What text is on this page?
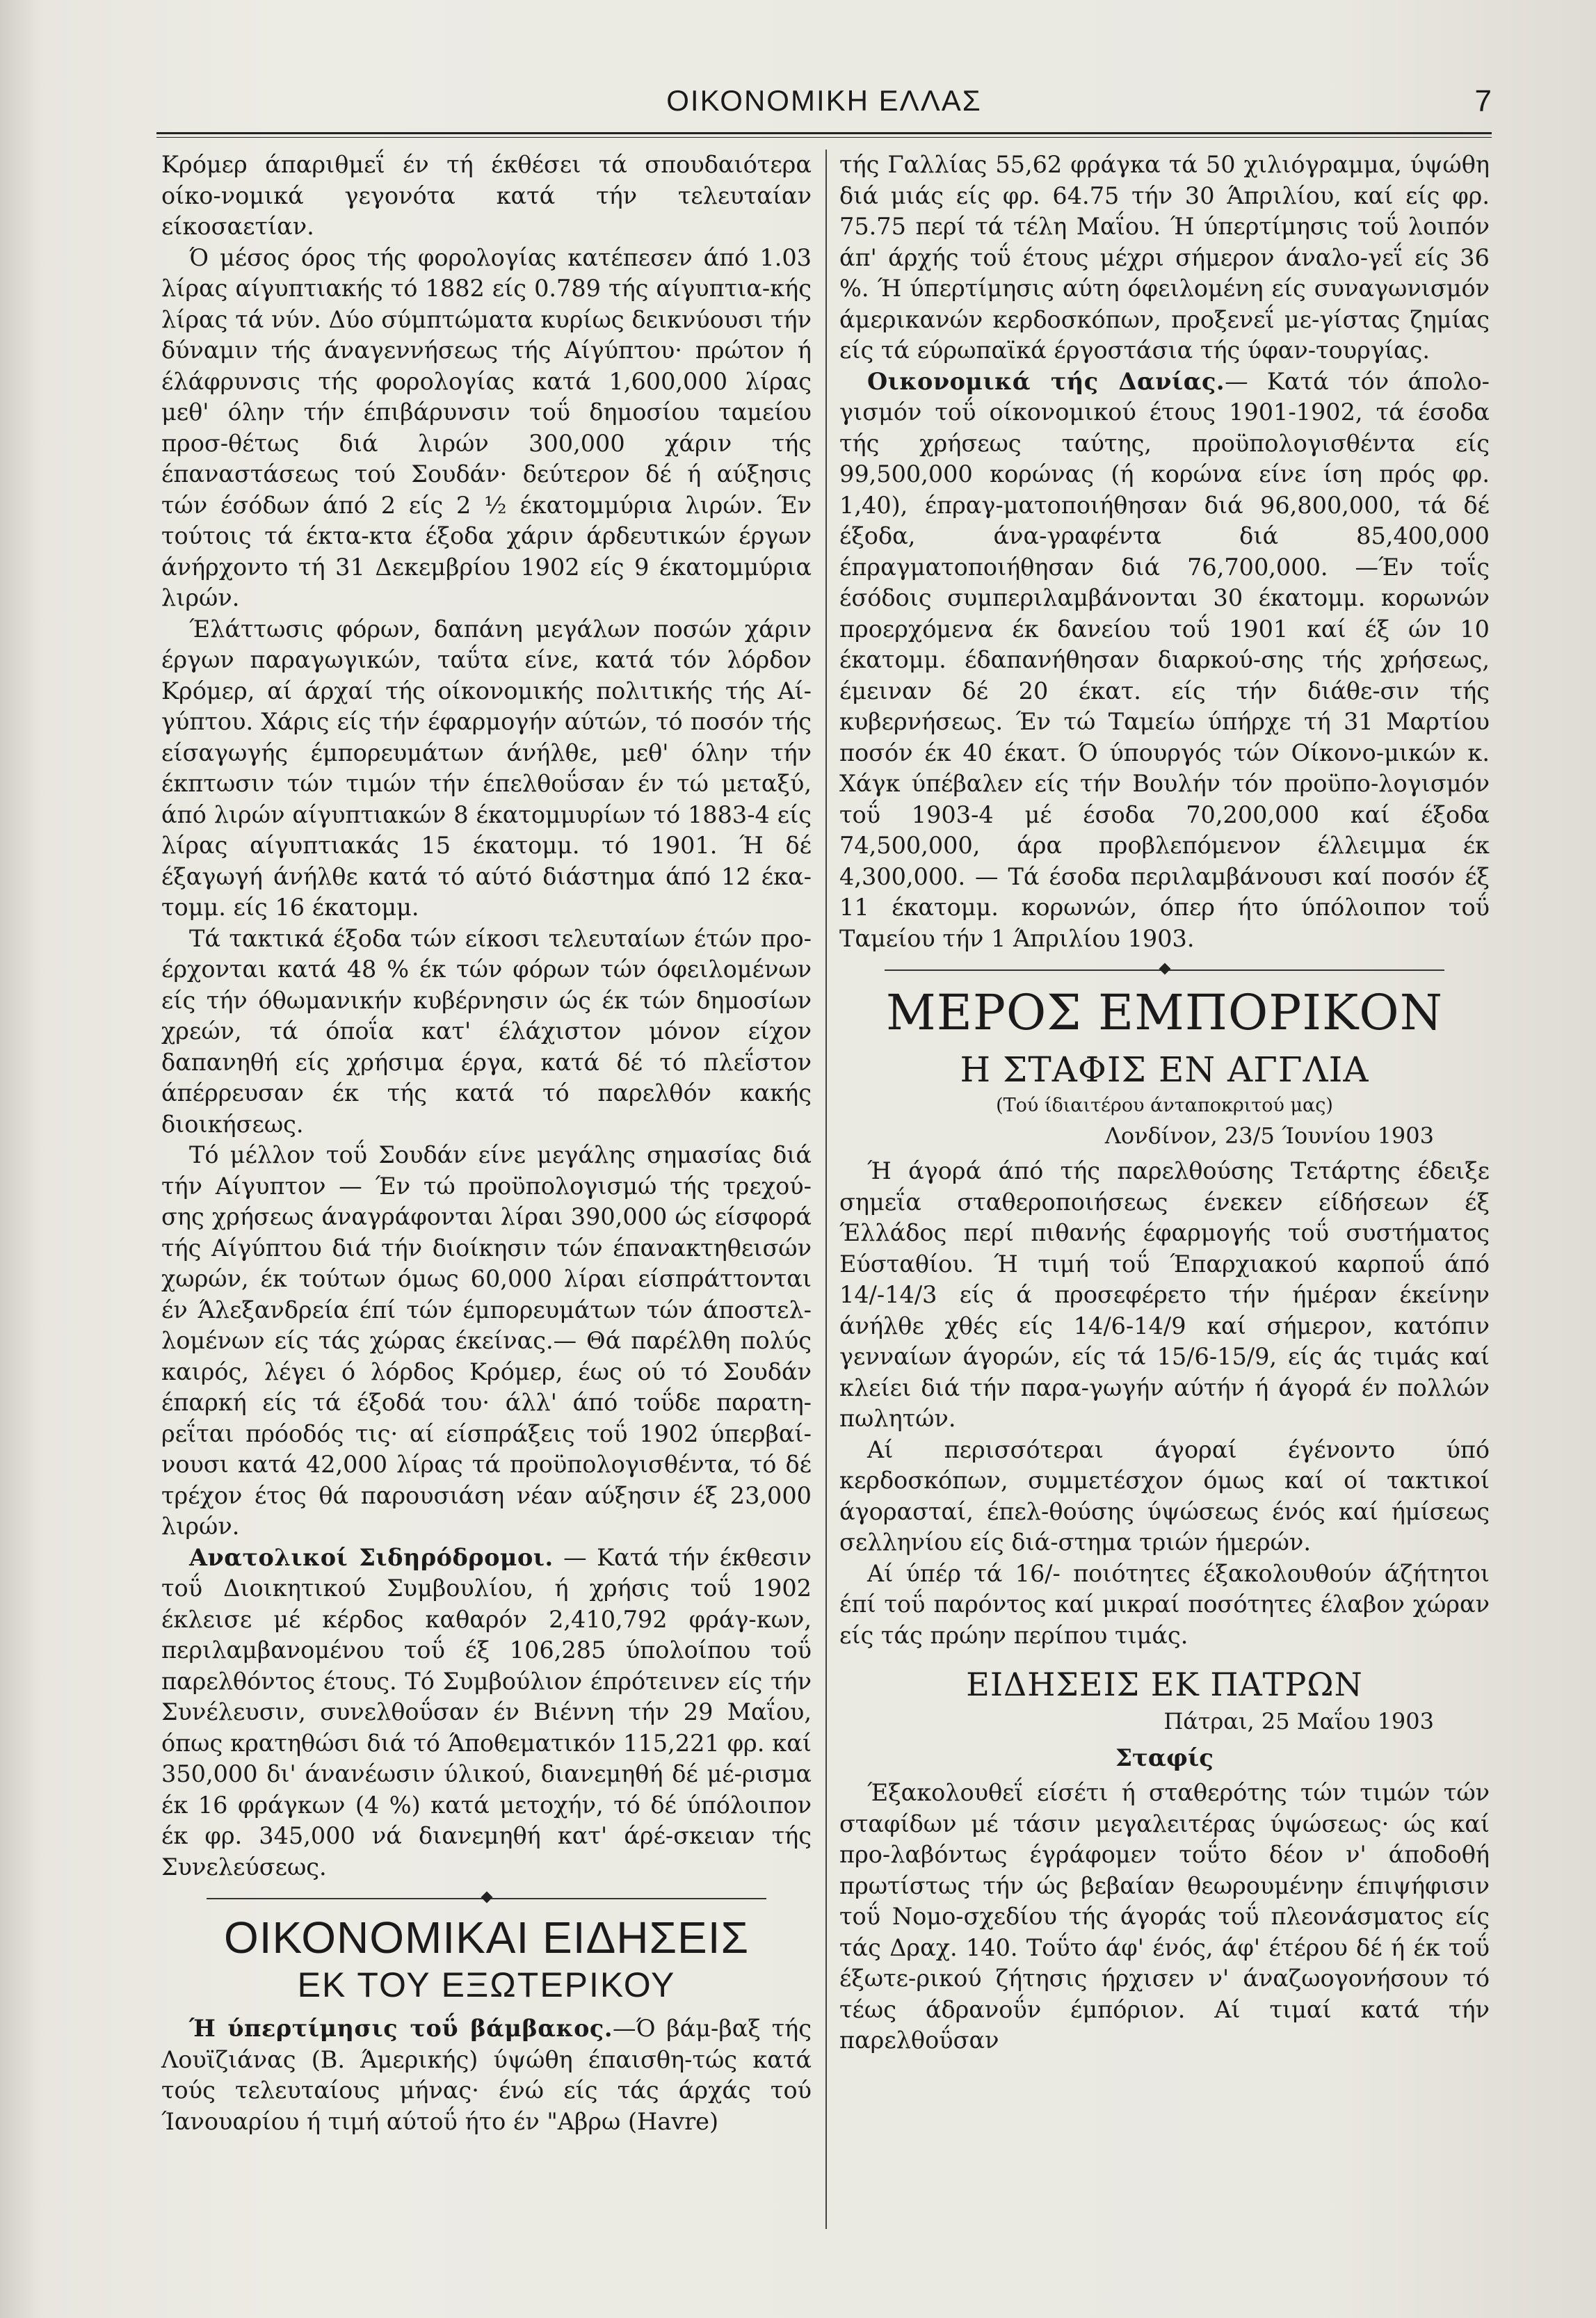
ΟΙΚΟΝΟΜΙΚΗ ΕΛΛΑΣ	7

Κρόμερ άπαριθμεΐ έν τή έκθέσει τά σπουδαιότερα οίκο-νομικά γεγονότα κατά τήν τελευταίαν είκοσαετίαν.

Ό μέσος όρος τής φορολογίας κατέπεσεν άπό 1.03 λίρας αίγυπτιακής τό 1882 είς 0.789 τής αίγυπτια-κής λίρας τά νύν. Δύο σύμπτώματα κυρίως δεικνύουσι τήν δύναμιν τής άναγεννήσεως τής Αίγύπτου· πρώτον ή έλάφρυνσις τής φορολογίας κατά 1,600,000 λίρας μεθ' όλην τήν έπιβάρυνσιν τοΰ δημοσίου ταμείου προσ-θέτως διά λιρών 300,000 χάριν τής έπαναστάσεως τού Σουδάν· δεύτερον δέ ή αύξησις τών έσόδων άπό 2 είς 2 ½ έκατομμύρια λιρών. Έν τούτοις τά έκτα-κτα έξοδα χάριν άρδευτικών έργων άνήρχοντο τή 31 Δεκεμβρίου 1902 είς 9 έκατομμύρια λιρών.

Έλάττωσις φόρων, δαπάνη μεγάλων ποσών χάριν έργων παραγωγικών, ταΰτα είνε, κατά τόν λόρδον Κρόμερ, αί άρχαί τής οίκονομικής πολιτικής τής Αί-γύπτου. Χάρις είς τήν έφαρμογήν αύτών, τό ποσόν τής είσαγωγής έμπορευμάτων άνήλθε, μεθ' όλην τήν έκπτωσιν τών τιμών τήν έπελθοΰσαν έν τώ μεταξύ, άπό λιρών αίγυπτιακών 8 έκατομμυρίων τό 1883-4 είς λίρας αίγυπτιακάς 15 έκατομμ. τό 1901. Ή δέ έξαγωγή άνήλθε κατά τό αύτό διάστημα άπό 12 έκα-τομμ. είς 16 έκατομμ.

Τά τακτικά έξοδα τών είκοσι τελευταίων έτών προ-έρχονται κατά 48 % έκ τών φόρων τών όφειλομένων είς τήν όθωμανικήν κυβέρνησιν ώς έκ τών δημοσίων χρεών, τά όποΐα κατ' έλάχιστον μόνον είχον δαπανηθή είς χρήσιμα έργα, κατά δέ τό πλεΐστον άπέρρευσαν έκ τής κατά τό παρελθόν κακής διοικήσεως.

Τό μέλλον τοΰ Σουδάν είνε μεγάλης σημασίας διά τήν Αίγυπτον — Έν τώ προϋπολογισμώ τής τρεχού-σης χρήσεως άναγράφονται λίραι 390,000 ώς είσφορά τής Αίγύπτου διά τήν διοίκησιν τών έπανακτηθεισών χωρών, έκ τούτων όμως 60,000 λίραι είσπράττονται έν Άλεξανδρεία έπί τών έμπορευμάτων τών άποστελ-λομένων είς τάς χώρας έκείνας.— Θά παρέλθη πολύς καιρός, λέγει ό λόρδος Κρόμερ, έως ού τό Σουδάν έπαρκή είς τά έξοδά του· άλλ' άπό τοΰδε παρατη-ρεΐται πρόοδός τις· αί είσπράξεις τοΰ 1902 ύπερβαί-νουσι κατά 42,000 λίρας τά προϋπολογισθέντα, τό δέ τρέχον έτος θά παρουσιάση νέαν αύξησιν έξ 23,000 λιρών.

Ανατολικοί Σιδηρόδρομοι. — Κατά τήν έκθεσιν τοΰ Διοικητικού Συμβουλίου, ή χρήσις τοΰ 1902 έκλεισε μέ κέρδος καθαρόν 2,410,792 φράγ-κων, περιλαμβανομένου τοΰ έξ 106,285 ύπολοίπου τοΰ παρελθόντος έτους. Τό Συμβούλιον έπρότεινεν είς τήν Συνέλευσιν, συνελθοΰσαν έν Βιέννη τήν 29 Μαΐου, όπως κρατηθώσι διά τό Άποθεματικόν 115,221 φρ. καί 350,000 δι' άνανέωσιν ύλικού, διανεμηθή δέ μέ-ρισμα έκ 16 φράγκων (4 %) κατά μετοχήν, τό δέ ύπόλοιπον έκ φρ. 345,000 νά διανεμηθή κατ' άρέ-σκειαν τής Συνελεύσεως.

ΟΙΚΟΝΟΜΙΚΑΙ ΕΙΔΗΣΕΙΣ
ΕΚ ΤΟΥ ΕΞΩΤΕΡΙΚΟΥ

Ή ύπερτίμησις τοΰ βάμβακος.—Ό βάμ-βαξ τής Λουϊζιάνας (Β. Άμερικής) ύψώθη έπαισθη-τώς κατά τούς τελευταίους μήνας· ένώ είς τάς άρχάς τού Ίανουαρίου ή τιμή αύτοΰ ήτο έν "Αβρω (Havre)

τής Γαλλίας 55,62 φράγκα τά 50 χιλιόγραμμα, ύψώθη διά μιάς είς φρ. 64.75 τήν 30 Άπριλίου, καί είς φρ. 75.75 περί τά τέλη Μαΐου. Ή ύπερτίμησις τοΰ λοιπόν άπ' άρχής τοΰ έτους μέχρι σήμερον άναλο-γεΐ είς 36 %. Ή ύπερτίμησις αύτη όφειλομένη είς συναγωνισμόν άμερικανών κερδοσκόπων, προξενεΐ με-γίστας ζημίας είς τά εύρωπαϊκά έργοστάσια τής ύφαν-τουργίας.

Οικονομικά τής Δανίας.— Κατά τόν άπολο-γισμόν τοΰ οίκονομικού έτους 1901-1902, τά έσοδα τής χρήσεως ταύτης, προϋπολογισθέντα είς 99,500,000 κορώνας (ή κορώνα είνε ίση πρός φρ. 1,40), έπραγ-ματοποιήθησαν διά 96,800,000, τά δέ έξοδα, άνα-γραφέντα διά 85,400,000 έπραγματοποιήθησαν διά 76,700,000. —Έν τοΐς έσόδοις συμπεριλαμβάνονται 30 έκατομμ. κορωνών προερχόμενα έκ δανείου τοΰ 1901 καί έξ ών 10 έκατομμ. έδαπανήθησαν διαρκού-σης τής χρήσεως, έμειναν δέ 20 έκατ. είς τήν διάθε-σιν τής κυβερνήσεως. Έν τώ Ταμείω ύπήρχε τή 31 Μαρτίου ποσόν έκ 40 έκατ. Ό ύπουργός τών Οίκονο-μικών κ. Χάγκ ύπέβαλεν είς τήν Βουλήν τόν προϋπο-λογισμόν τοΰ 1903-4 μέ έσοδα 70,200,000 καί έξοδα 74,500,000, άρα προβλεπόμενον έλλειμμα έκ 4,300,000. — Τά έσοδα περιλαμβάνουσι καί ποσόν έξ 11 έκατομμ. κορωνών, όπερ ήτο ύπόλοιπον τοΰ Ταμείου τήν 1 Άπριλίου 1903.

ΜΕΡΟΣ ΕΜΠΟΡΙΚΟΝ
Η ΣΤΑΦΙΣ ΕΝ ΑΓΓΛΙΑ
(Τού ίδιαιτέρου άνταποκριτού μας)
Λονδίνον, 23/5 Ίουνίου 1903

Ή άγορά άπό τής παρελθούσης Τετάρτης έδειξε σημεΐα σταθεροποιήσεως ένεκεν είδήσεων έξ Έλλάδος περί πιθανής έφαρμογής τοΰ συστήματος Εύσταθίου. Ή τιμή τοΰ Έπαρχιακού καρποΰ άπό 14/-14/3 είς ά προσεφέρετο τήν ήμέραν έκείνην άνήλθε χθές είς 14/6-14/9 καί σήμερον, κατόπιν γενναίων άγορών, είς τά 15/6-15/9, είς άς τιμάς καί κλείει διά τήν παρα-γωγήν αύτήν ή άγορά έν πολλών πωλητών.

Αί περισσότεραι άγοραί έγένοντο ύπό κερδοσκόπων, συμμετέσχον όμως καί οί τακτικοί άγορασταί, έπελ-θούσης ύψώσεως ένός καί ήμίσεως σελληνίου είς διά-στημα τριών ήμερών.

Αί ύπέρ τά 16/- ποιότητες έξακολουθούν άζήτητοι έπί τοΰ παρόντος καί μικραί ποσότητες έλαβον χώραν είς τάς πρώην περίπου τιμάς.

ΕΙΔΗΣΕΙΣ ΕΚ ΠΑΤΡΩΝ
Πάτραι, 25 Μαΐου 1903
Σταφίς

Έξακολουθεΐ είσέτι ή σταθερότης τών τιμών τών σταφίδων μέ τάσιν μεγαλειτέρας ύψώσεως· ώς καί προ-λαβόντως έγράφομεν τοΰτο δέον ν' άποδοθή πρωτίστως τήν ώς βεβαίαν θεωρουμένην έπιψήφισιν τοΰ Νομο-σχεδίου τής άγοράς τοΰ πλεονάσματος είς τάς Δραχ. 140. Τοΰτο άφ' ένός, άφ' έτέρου δέ ή έκ τοΰ έξωτε-ρικού ζήτησις ήρχισεν ν' άναζωογονήσουν τό τέως άδρανοΰν έμπόριον. Αί τιμαί κατά τήν παρελθοΰσαν
